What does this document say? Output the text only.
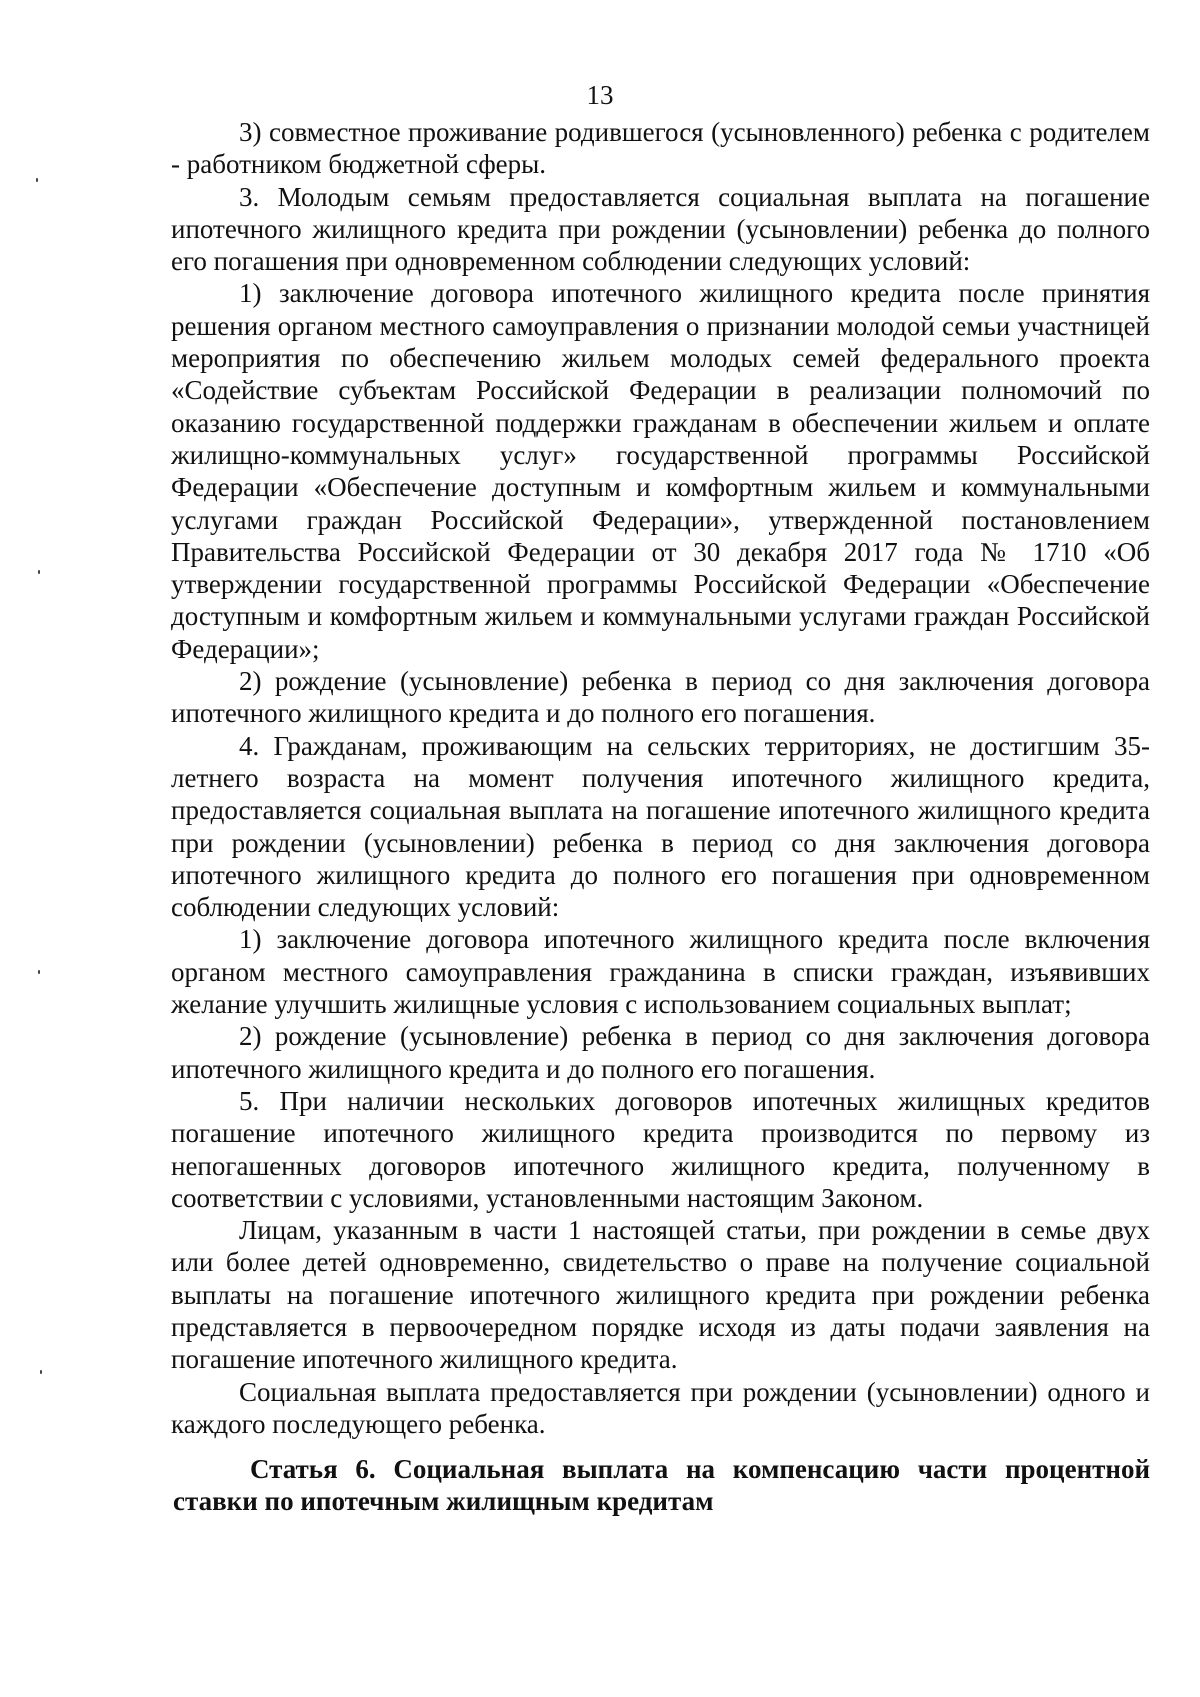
13

3) совместное проживание родившегося (усыновленного) ребенка с родителем - работником бюджетной сферы.

3. Молодым семьям предоставляется социальная выплата на погашение ипотечного жилищного кредита при рождении (усыновлении) ребенка до полного его погашения при одновременном соблюдении следующих условий:

1) заключение договора ипотечного жилищного кредита после принятия решения органом местного самоуправления о признании молодой семьи участницей мероприятия по обеспечению жильем молодых семей федерального проекта «Содействие субъектам Российской Федерации в реализации полномочий по оказанию государственной поддержки гражданам в обеспечении жильем и оплате жилищно-коммунальных услуг» государственной программы Российской Федерации «Обеспечение доступным и комфортным жильем и коммунальными услугами граждан Российской Федерации», утвержденной постановлением Правительства Российской Федерации от 30 декабря 2017 года № 1710 «Об утверждении государственной программы Российской Федерации «Обеспечение доступным и комфортным жильем и коммунальными услугами граждан Российской Федерации»;

2) рождение (усыновление) ребенка в период со дня заключения договора ипотечного жилищного кредита и до полного его погашения.

4. Гражданам, проживающим на сельских территориях, не достигшим 35-летнего возраста на момент получения ипотечного жилищного кредита, предоставляется социальная выплата на погашение ипотечного жилищного кредита при рождении (усыновлении) ребенка в период со дня заключения договора ипотечного жилищного кредита до полного его погашения при одновременном соблюдении следующих условий:

1) заключение договора ипотечного жилищного кредита после включения органом местного самоуправления гражданина в списки граждан, изъявивших желание улучшить жилищные условия с использованием социальных выплат;

2) рождение (усыновление) ребенка в период со дня заключения договора ипотечного жилищного кредита и до полного его погашения.

5. При наличии нескольких договоров ипотечных жилищных кредитов погашение ипотечного жилищного кредита производится по первому из непогашенных договоров ипотечного жилищного кредита, полученному в соответствии с условиями, установленными настоящим Законом.

Лицам, указанным в части 1 настоящей статьи, при рождении в семье двух или более детей одновременно, свидетельство о праве на получение социальной выплаты на погашение ипотечного жилищного кредита при рождении ребенка представляется в первоочередном порядке исходя из даты подачи заявления на погашение ипотечного жилищного кредита.

Социальная выплата предоставляется при рождении (усыновлении) одного и каждого последующего ребенка.

Статья 6. Социальная выплата на компенсацию части процентной ставки по ипотечным жилищным кредитам
